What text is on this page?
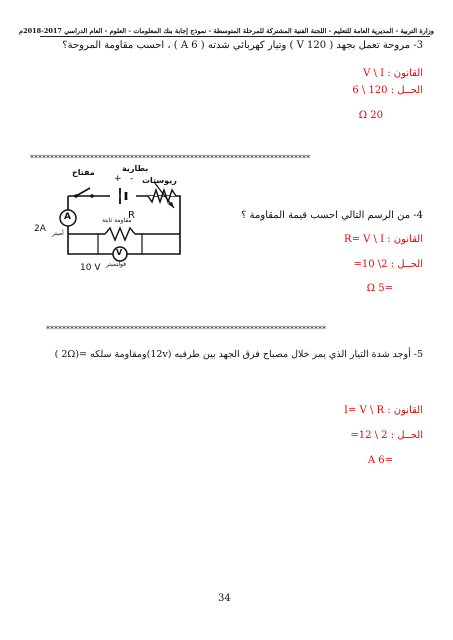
وزارة التربية - المديرية العامة للتعليم - اللجنة الفنية المشتركة للمرحلة المتوسطة - نموذج إجابة بنك المعلومات - العلوم - العام الدراسي 2017-2018م
3- مروحة تعمل بجهد ( 120 V ) وتيار كهربائي شدته ( 6 A ) ، احسب مقاومة المروحة؟
القانون : V \ I
الحــل : 120 \ 6
20 Ω
**********************************************************************
مفتاح	بطارية
ريوستات
+ -
A
أميتر
R
مقاومة ثابتة
V
فولتميتر
2A
10 V
4- من الرسم التالي احسب قيمة المقاومة ؟
القانون : R= V \ I
الحــل : 2\ 10=
=5 Ω
**********************************************************************
5- أوجد شدة التيار الذي يمر خلال مصباح فرق الجهد بين طرفيه (12v)ومقاومة سلكه =(2Ω )
القانون : I= V \ R
الحــل : 2 \ 12=
=6 A
34
